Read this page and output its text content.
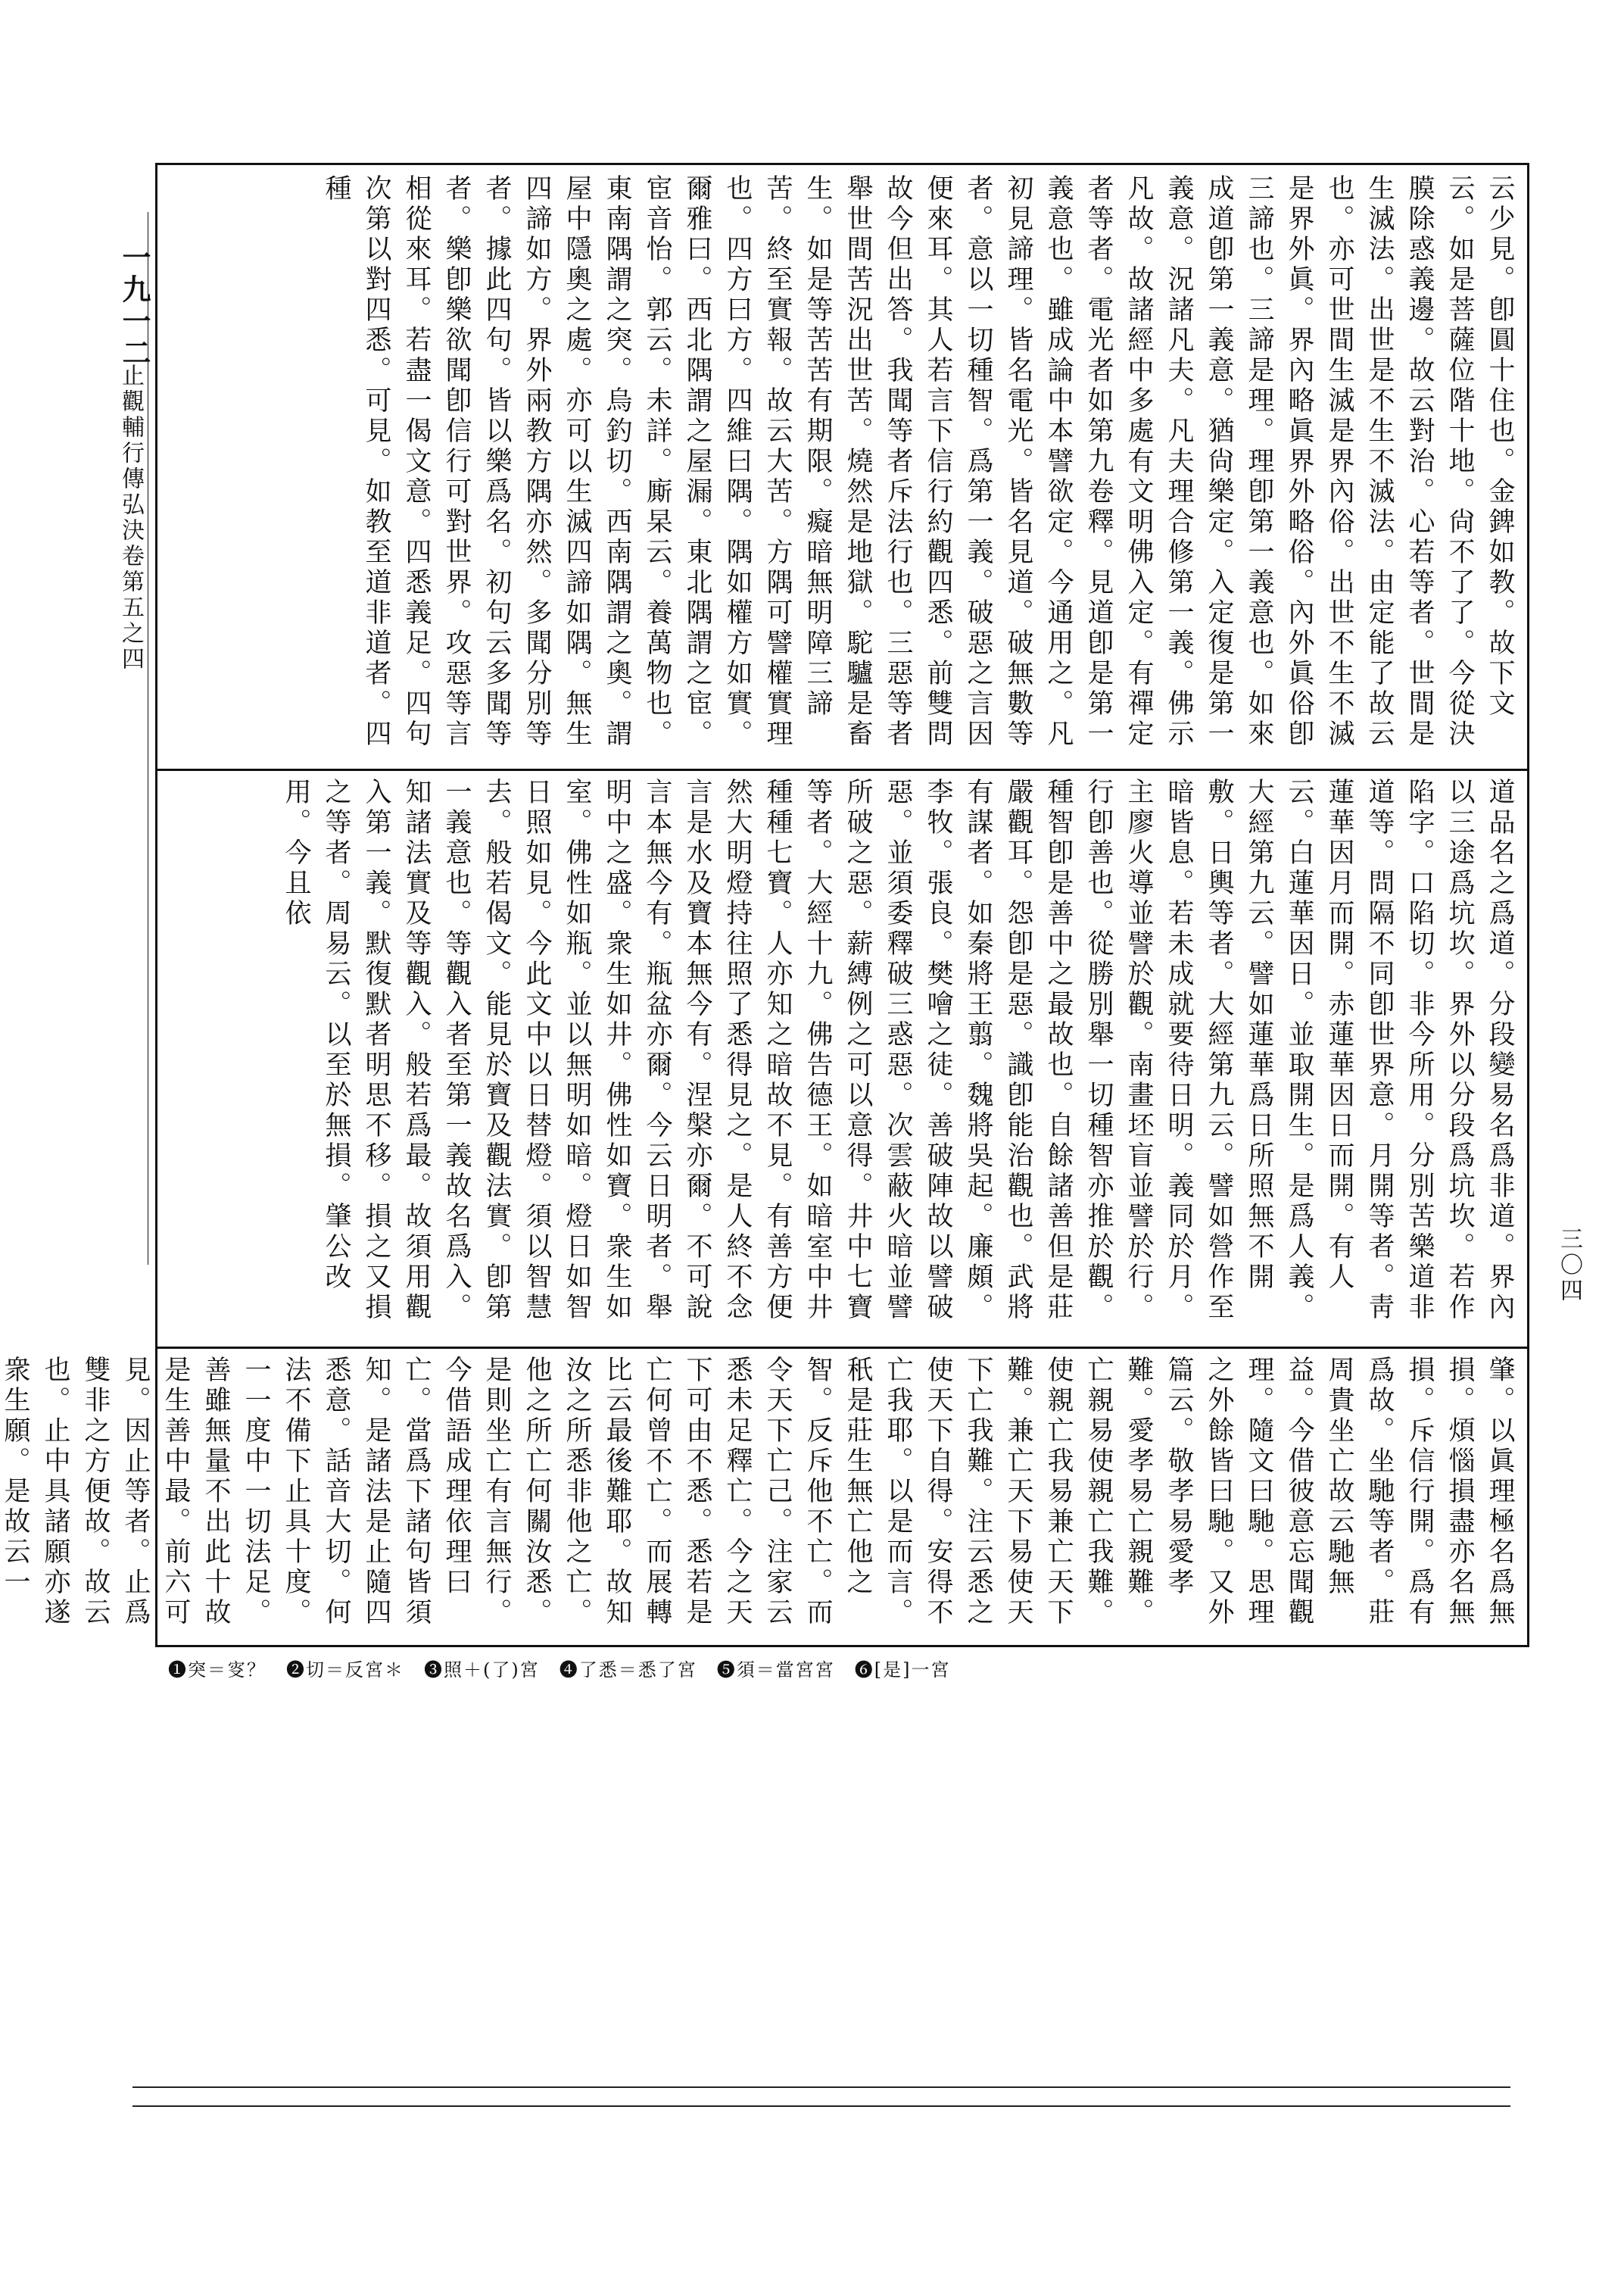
一九一二
止觀輔行傳弘決卷第五之四
三〇四
云少見。卽圓十住也。金錍如教。故下文云。如是菩薩位階十地。尙不了了。今從決膜除惑義邊。故云對治。心若等者。世間是生滅法。出世是不生不滅法。由定能了故云也。亦可世間生滅是界內俗。出世不生不滅是界外眞。界內略眞界外略俗。內外眞俗卽三諦也。三諦是理。理卽第一義意也。如來成道卽第一義意。猶尙樂定。入定復是第一義意。況諸凡夫。凡夫理合修第一義。佛示凡故。故諸經中多處有文明佛入定。有禪定者等者。電光者如第九卷釋。見道卽是第一義意也。雖成論中本譬欲定。今通用之。凡初見諦理。皆名電光。皆名見道。破無數等者。意以一切種智。爲第一義。破惡之言因便來耳。其人若言下信行約觀四悉。前雙問故今但出答。我聞等者斥法行也。三惡等者舉世間苦況出世苦。燒然是地獄。駝驢是畜生。如是等苦苦有期限。癡暗無明障三諦苦。終至實報。故云大苦。方隅可譬權實理也。四方曰方。四維曰隅。隅如權方如實。爾雅曰。西北隅謂之屋漏。東北隅謂之宦。宦音怡。郭云。未詳。廝杲云。養萬物也。東南隅謂之突。烏釣切。西南隅謂之奧。謂屋中隱奧之處。亦可以生滅四諦如隅。無生四諦如方。界外兩教方隅亦然。多聞分別等者。據此四句。皆以樂爲名。初句云多聞等者。樂卽樂欲聞卽信行可對世界。攻惡等言相從來耳。若盡一偈文意。四悉義足。四句次第以對四悉。可見。如教至道非道者。四種
道品名之爲道。分段變易名爲非道。界內以三途爲坑坎。界外以分段爲坑坎。若作陷字。口陷切。非今所用。分別苦樂道非道等。問隔不同卽世界意。月開等者。靑蓮華因月而開。赤蓮華因日而開。有人云。白蓮華因日。並取開生。是爲人義。大經第九云。譬如蓮華爲日所照無不開敷。日輿等者。大經第九云。譬如營作至暗皆息。若未成就要待日明。義同於月。主廖火導並譬於觀。南畫坯盲並譬於行。行卽善也。從勝別舉一切種智亦推於觀。種智卽是善中之最故也。自餘諸善但是莊嚴觀耳。怨卽是惡。識卽能治觀也。武將有謀者。如秦將王翦。魏將吳起。廉頗。李牧。張良。樊噲之徒。善破陣故以譬破惡。並須委釋破三惑惡。次雲蔽火暗並譬所破之惡。薪縛例之可以意得。井中七寶等者。大經十九。佛告德王。如暗室中井種種七寶。人亦知之暗故不見。有善方便然大明燈持往照了悉得見之。是人終不念言是水及寶本無今有。涅槃亦爾。不可說言本無今有。瓶盆亦爾。今云日明者。舉明中之盛。衆生如井。佛性如寶。衆生如室。佛性如瓶。並以無明如暗。燈日如智日照如見。今此文中以日替燈。須以智慧去。般若偈文。能見於寶及觀法實。卽第一義意也。等觀入者至第一義故名爲入。知諸法實及等觀入。般若爲最。故須用觀入第一義。默復默者明思不移。損之又損之等者。周易云。以至於無損。肇公改用。今且依
肇。以眞理極名爲無損。煩惱損盡亦名無損。斥信行開。爲有爲故。坐馳等者。莊周貴坐亡故云馳無益。今借彼意忘聞觀理。隨文曰馳。思理之外餘皆曰馳。又外篇云。敬孝易愛孝難。愛孝易亡親難。亡親易使親亡我難。使親亡我易兼亡天下難。兼亡天下易使天下亡我難。注云悉之使天下自得。安得不亡我耶。以是而言。秖是莊生無亡他之智。反斥他不亡。而令天下亡己。注家云悉未足釋亡。今之天下可由不悉。悉若是亡何曾不亡。而展轉比云最後難耶。故知汝之所悉非他之亡。他之所亡何關汝悉。是則坐亡有言無行。今借語成理依理曰亡。當爲下諸句皆須知。是諸法是止隨四悉意。話音大切。何法不備下止具十度。一一度中一切法足。善雖無量不出此十故是生善中最。前六可見。因止等者。止爲雙非之方便故。故云也。止中具諸願亦遂衆生願。是故云一
❶突＝叜？　❷切＝反宮＊　❸照＋(了)宮　❹了悉＝悉了宮　❺須＝當宮宮　❻[是]一宮
